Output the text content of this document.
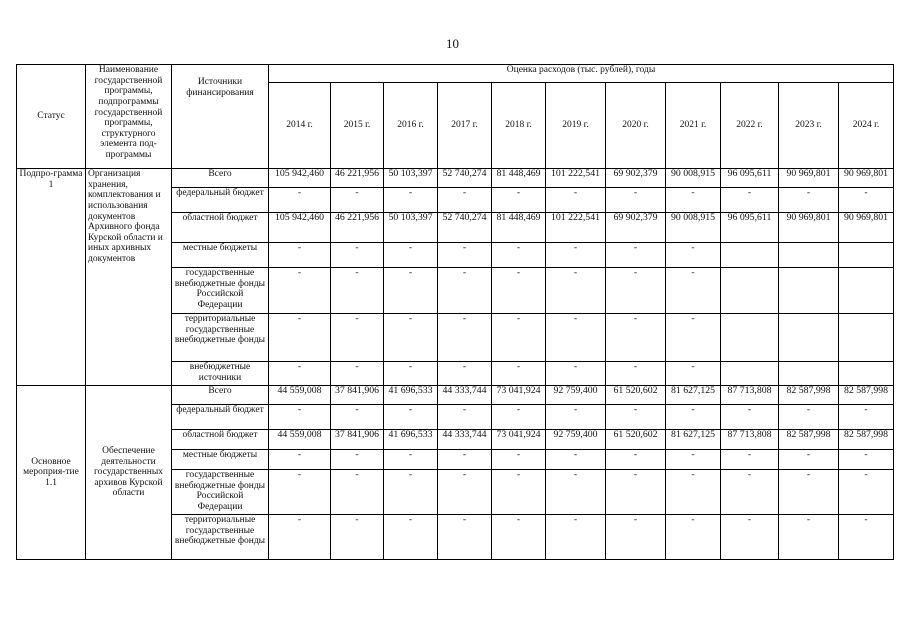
10
Статус	Наименование государственной программы, подпрограммы государственной программы, структурного элемента под-программы	Источники финансирования	Оценка расходов (тыс. рублей), годы										
			2014 г.	2015 г.	2016 г.	2017 г.	2018 г.	2019 г.	2020 г.	2021 г.	2022 г.	2023 г.	2024 г.
Подпро-грамма 1	Организация хранения, комплектования и использования документов Архивного фонда Курской области и иных архивных документов	Всего	105 942,460	46 221,956	50 103,397	52 740,274	81 448,469	101 222,541	69 902,379	90 008,915	96 095,611	90 969,801	90 969,801
		федеральный бюджет	-	-	-	-	-	-	-	-	-	-	-
		областной бюджет	105 942,460	46 221,956	50 103,397	52 740,274	81 448,469	101 222,541	69 902,379	90 008,915	96 095,611	90 969,801	90 969,801
		местные бюджеты	-	-	-	-	-	-	-	-			
		государственные внебюджетные фонды Российской Федерации	-	-	-	-	-	-	-	-			
		территориальные государственные внебюджетные фонды	-	-	-	-	-	-	-	-			
		внебюджетные источники	-	-	-	-	-	-	-	-			
Основное мероприя-тие 1.1	Обеспечение деятельности государственных архивов Курской области	Всего	44 559,008	37 841,906	41 696,533	44 333,744	73 041,924	92 759,400	61 520,602	81 627,125	87 713,808	82 587,998	82 587,998
		федеральный бюджет	-	-	-	-	-	-	-	-	-	-	-
		областной бюджет	44 559,008	37 841,906	41 696,533	44 333,744	73 041,924	92 759,400	61 520,602	81 627,125	87 713,808	82 587,998	82 587,998
		местные бюджеты	-	-	-	-	-	-	-	-	-	-	-
		государственные внебюджетные фонды Российской Федерации	-	-	-	-	-	-	-	-	-	-	-
		территориальные государственные внебюджетные фонды	-	-	-	-	-	-	-	-	-	-	-
